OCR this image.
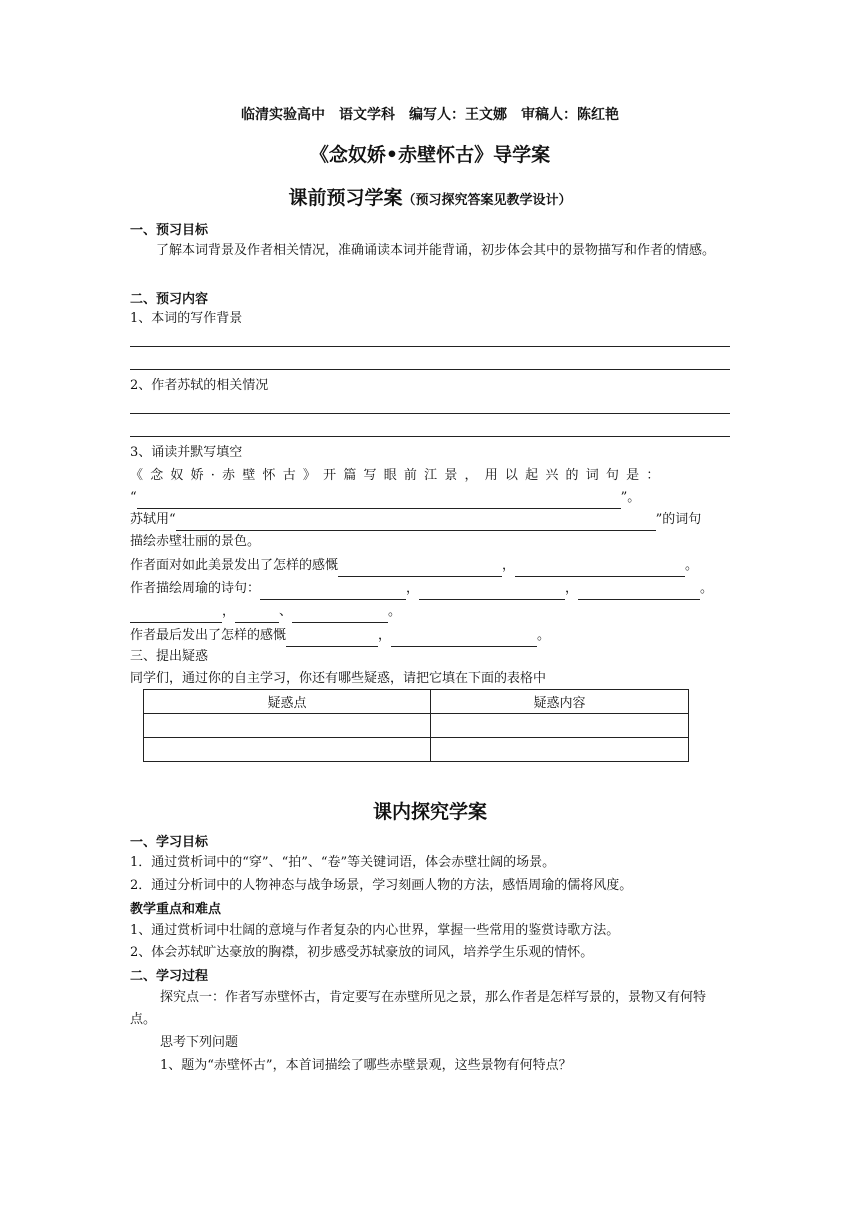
临清实验高中　语文学科　编写人：王文娜　审稿人：陈红艳
《念奴娇•赤壁怀古》导学案
课前预习学案（预习探究答案见教学设计）
一、预习目标
了解本词背景及作者相关情况，准确诵读本词并能背诵，初步体会其中的景物描写和作者的情感。
二、预习内容
1、本词的写作背景
2、作者苏轼的相关情况
3、诵读并默写填空
《念奴娇·赤壁怀古》开篇写眼前江景，用以起兴的词句是：
“	”。
苏轼用“	”的词句
描绘赤壁壮丽的景色。
作者面对如此美景发出了怎样的感慨	，	。
作者描绘周瑜的诗句：	，	，	。
，	、	。
作者最后发出了怎样的感慨	，	。
三、提出疑惑
同学们，通过你的自主学习，你还有哪些疑惑，请把它填在下面的表格中
疑惑点	疑惑内容

课内探究学案
一、学习目标
1．通过赏析词中的“穿”、“拍”、“卷”等关键词语，体会赤壁壮阔的场景。
2．通过分析词中的人物神态与战争场景，学习刻画人物的方法，感悟周瑜的儒将风度。
教学重点和难点
1、通过赏析词中壮阔的意境与作者复杂的内心世界，掌握一些常用的鉴赏诗歌方法。
2、体会苏轼旷达豪放的胸襟，初步感受苏轼豪放的词风，培养学生乐观的情怀。
二、学习过程
探究点一：作者写赤壁怀古，肯定要写在赤壁所见之景，那么作者是怎样写景的，景物又有何特点。
思考下列问题
1、题为“赤壁怀古”，本首词描绘了哪些赤壁景观，这些景物有何特点？
